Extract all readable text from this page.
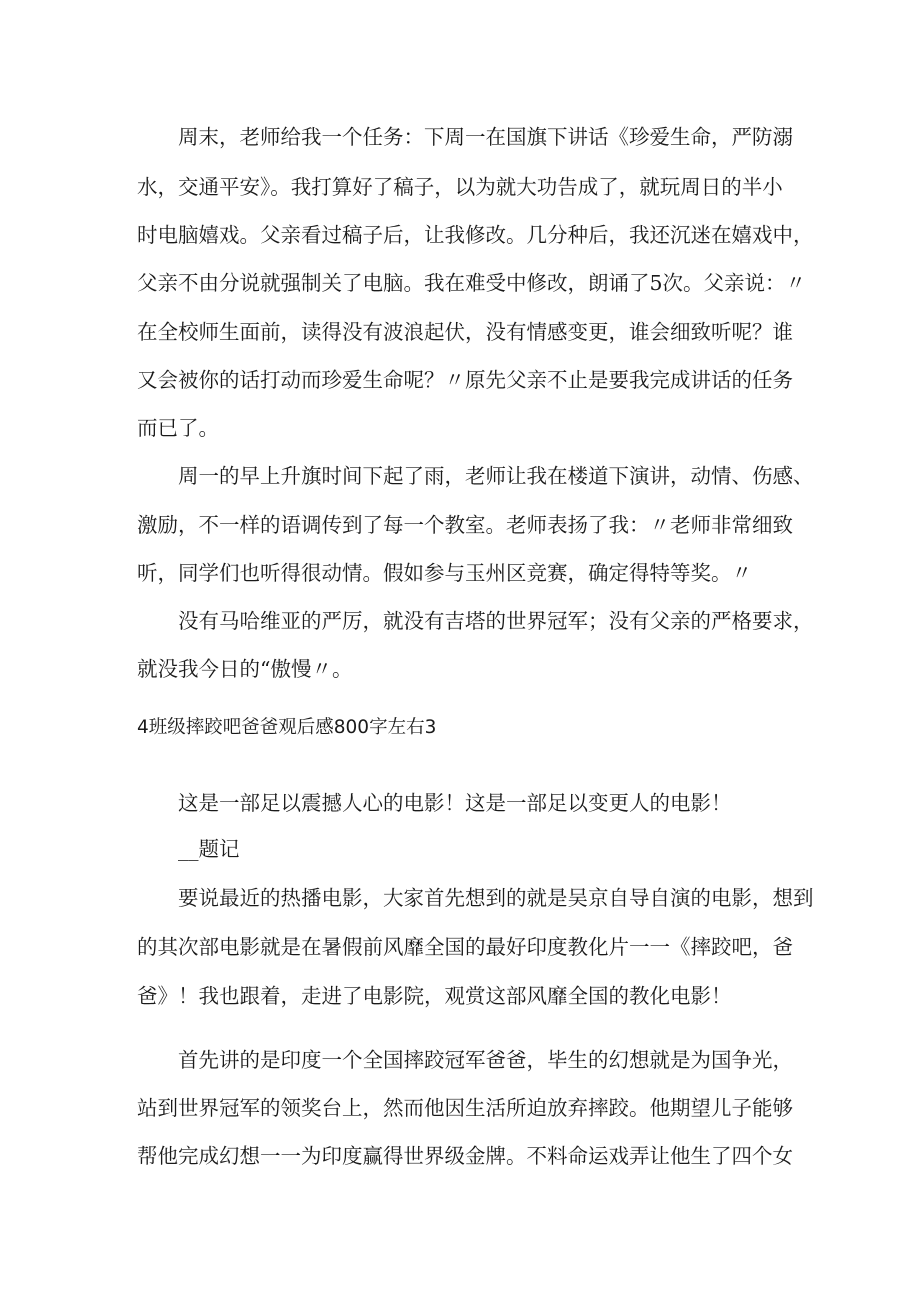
周末，老师给我一个任务：下周一在国旗下讲话《珍爱生命，严防溺
水，交通平安》。我打算好了稿子，以为就大功告成了，就玩周日的半小
时电脑嬉戏。父亲看过稿子后，让我修改。几分种后，我还沉迷在嬉戏中，
父亲不由分说就强制关了电脑。我在难受中修改，朗诵了5次。父亲说：〃
在全校师生面前，读得没有波浪起伏，没有情感变更，谁会细致听呢？谁
又会被你的话打动而珍爱生命呢？〃原先父亲不止是要我完成讲话的任务
而已了。
周一的早上升旗时间下起了雨，老师让我在楼道下演讲，动情、伤感、
激励，不一样的语调传到了每一个教室。老师表扬了我：〃老师非常细致
听，同学们也听得很动情。假如参与玉州区竞赛，确定得特等奖。〃
没有马哈维亚的严厉，就没有吉塔的世界冠军；没有父亲的严格要求，
就没我今日的“傲慢〃。
4班级摔跤吧爸爸观后感800字左右3
这是一部足以震撼人心的电影！这是一部足以变更人的电影！
__题记
要说最近的热播电影，大家首先想到的就是吴京自导自演的电影，想到
的其次部电影就是在暑假前风靡全国的最好印度教化片一一《摔跤吧，爸
爸》！我也跟着，走进了电影院，观赏这部风靡全国的教化电影！
首先讲的是印度一个全国摔跤冠军爸爸，毕生的幻想就是为国争光，
站到世界冠军的领奖台上，然而他因生活所迫放弃摔跤。他期望儿子能够
帮他完成幻想一一为印度赢得世界级金牌。不料命运戏弄让他生了四个女
